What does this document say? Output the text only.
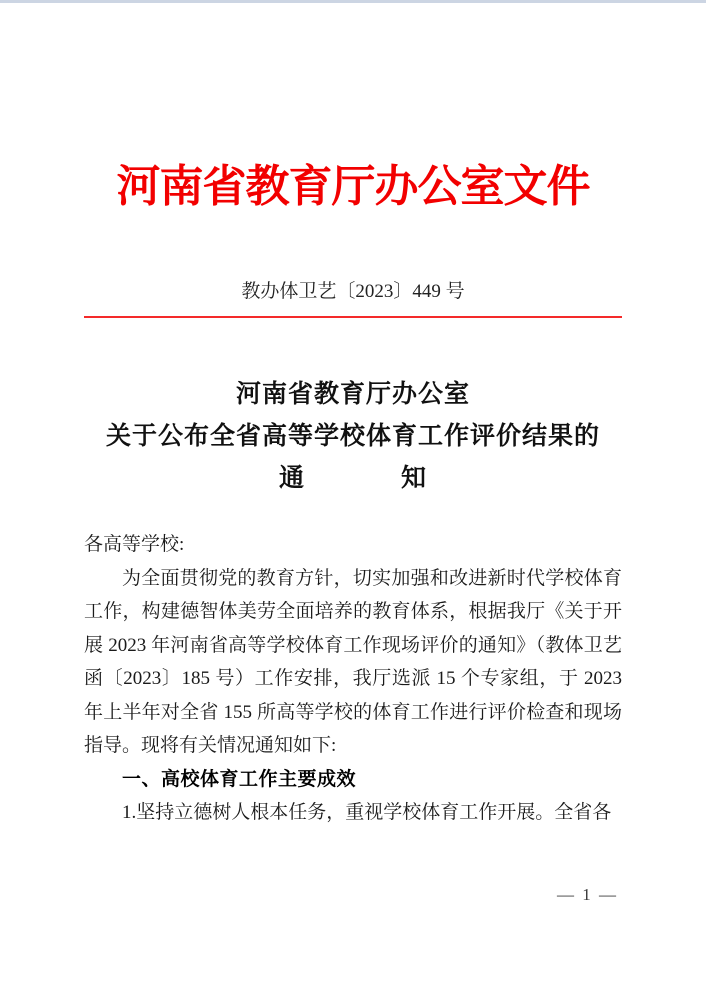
河南省教育厅办公室文件
教办体卫艺〔2023〕449 号
河南省教育厅办公室
关于公布全省高等学校体育工作评价结果的
通	知
各高等学校:
为全面贯彻党的教育方针，切实加强和改进新时代学校体育
工作，构建德智体美劳全面培养的教育体系，根据我厅《关于开
展 2023 年河南省高等学校体育工作现场评价的通知》（教体卫艺
函〔2023〕185 号）工作安排，我厅选派 15 个专家组，于 2023
年上半年对全省 155 所高等学校的体育工作进行评价检查和现场
指导。现将有关情况通知如下:
一、高校体育工作主要成效
1.坚持立德树人根本任务，重视学校体育工作开展。全省各
— 1 —
